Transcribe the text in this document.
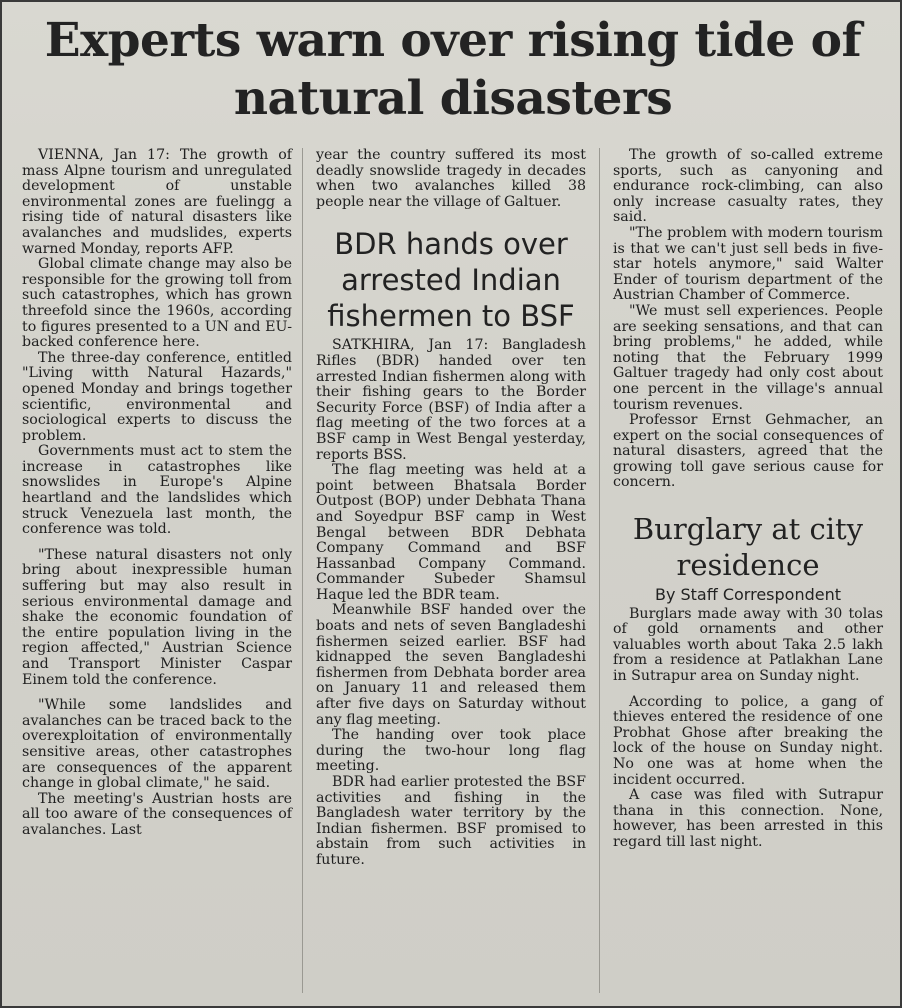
Experts warn over rising tide of natural disasters

VIENNA, Jan 17: The growth of mass Alpne tourism and unregulated development of unstable environmental zones are fuelingg a rising tide of natural disasters like avalanches and mudslides, experts warned Monday, reports AFP.

Global climate change may also be responsible for the growing toll from such catastrophes, which has grown threefold since the 1960s, according to figures presented to a UN and EU-backed conference here.

The three-day conference, entitled "Living witth Natural Hazards," opened Monday and brings together scientific, environmental and sociological experts to discuss the problem.

Governments must act to stem the increase in catastrophes like snowslides in Europe's Alpine heartland and the landslides which struck Venezuela last month, the conference was told.

"These natural disasters not only bring about inexpressible human suffering but may also result in serious environmental damage and shake the economic foundation of the entire population living in the region affected," Austrian Science and Transport Minister Caspar Einem told the conference.

"While some landslides and avalanches can be traced back to the overexploitation of environmentally sensitive areas, other catastrophes are consequences of the apparent change in global climate," he said.

The meeting's Austrian hosts are all too aware of the consequences of avalanches. Last

year the country suffered its most deadly snowslide tragedy in decades when two avalanches killed 38 people near the village of Galtuer.

BDR hands over arrested Indian fishermen to BSF

SATKHIRA, Jan 17: Bangladesh Rifles (BDR) handed over ten arrested Indian fishermen along with their fishing gears to the Border Security Force (BSF) of India after a flag meeting of the two forces at a BSF camp in West Bengal yesterday, reports BSS.

The flag meeting was held at a point between Bhatsala Border Outpost (BOP) under Debhata Thana and Soyedpur BSF camp in West Bengal between BDR Debhata Company Command and BSF Hassanbad Company Command. Commander Subeder Shamsul Haque led the BDR team.

Meanwhile BSF handed over the boats and nets of seven Bangladeshi fishermen seized earlier. BSF had kidnapped the seven Bangladeshi fishermen from Debhata border area on January 11 and released them after five days on Saturday without any flag meeting.

The handing over took place during the two-hour long flag meeting.

BDR had earlier protested the BSF activities and fishing in the Bangladesh water territory by the Indian fishermen. BSF promised to abstain from such activities in future.

The growth of so-called extreme sports, such as canyoning and endurance rock-climbing, can also only increase casualty rates, they said.

"The problem with modern tourism is that we can't just sell beds in five-star hotels anymore," said Walter Ender of tourism department of the Austrian Chamber of Commerce.

"We must sell experiences. People are seeking sensations, and that can bring problems," he added, while noting that the February 1999 Galtuer tragedy had only cost about one percent in the village's annual tourism revenues.

Professor Ernst Gehmacher, an expert on the social consequences of natural disasters, agreed that the growing toll gave serious cause for concern.

Burglary at city residence
By Staff Correspondent

Burglars made away with 30 tolas of gold ornaments and other valuables worth about Taka 2.5 lakh from a residence at Patlakhan Lane in Sutrapur area on Sunday night.

According to police, a gang of thieves entered the residence of one Probhat Ghose after breaking the lock of the house on Sunday night. No one was at home when the incident occurred.

A case was filed with Sutrapur thana in this connection. None, however, has been arrested in this regard till last night.
